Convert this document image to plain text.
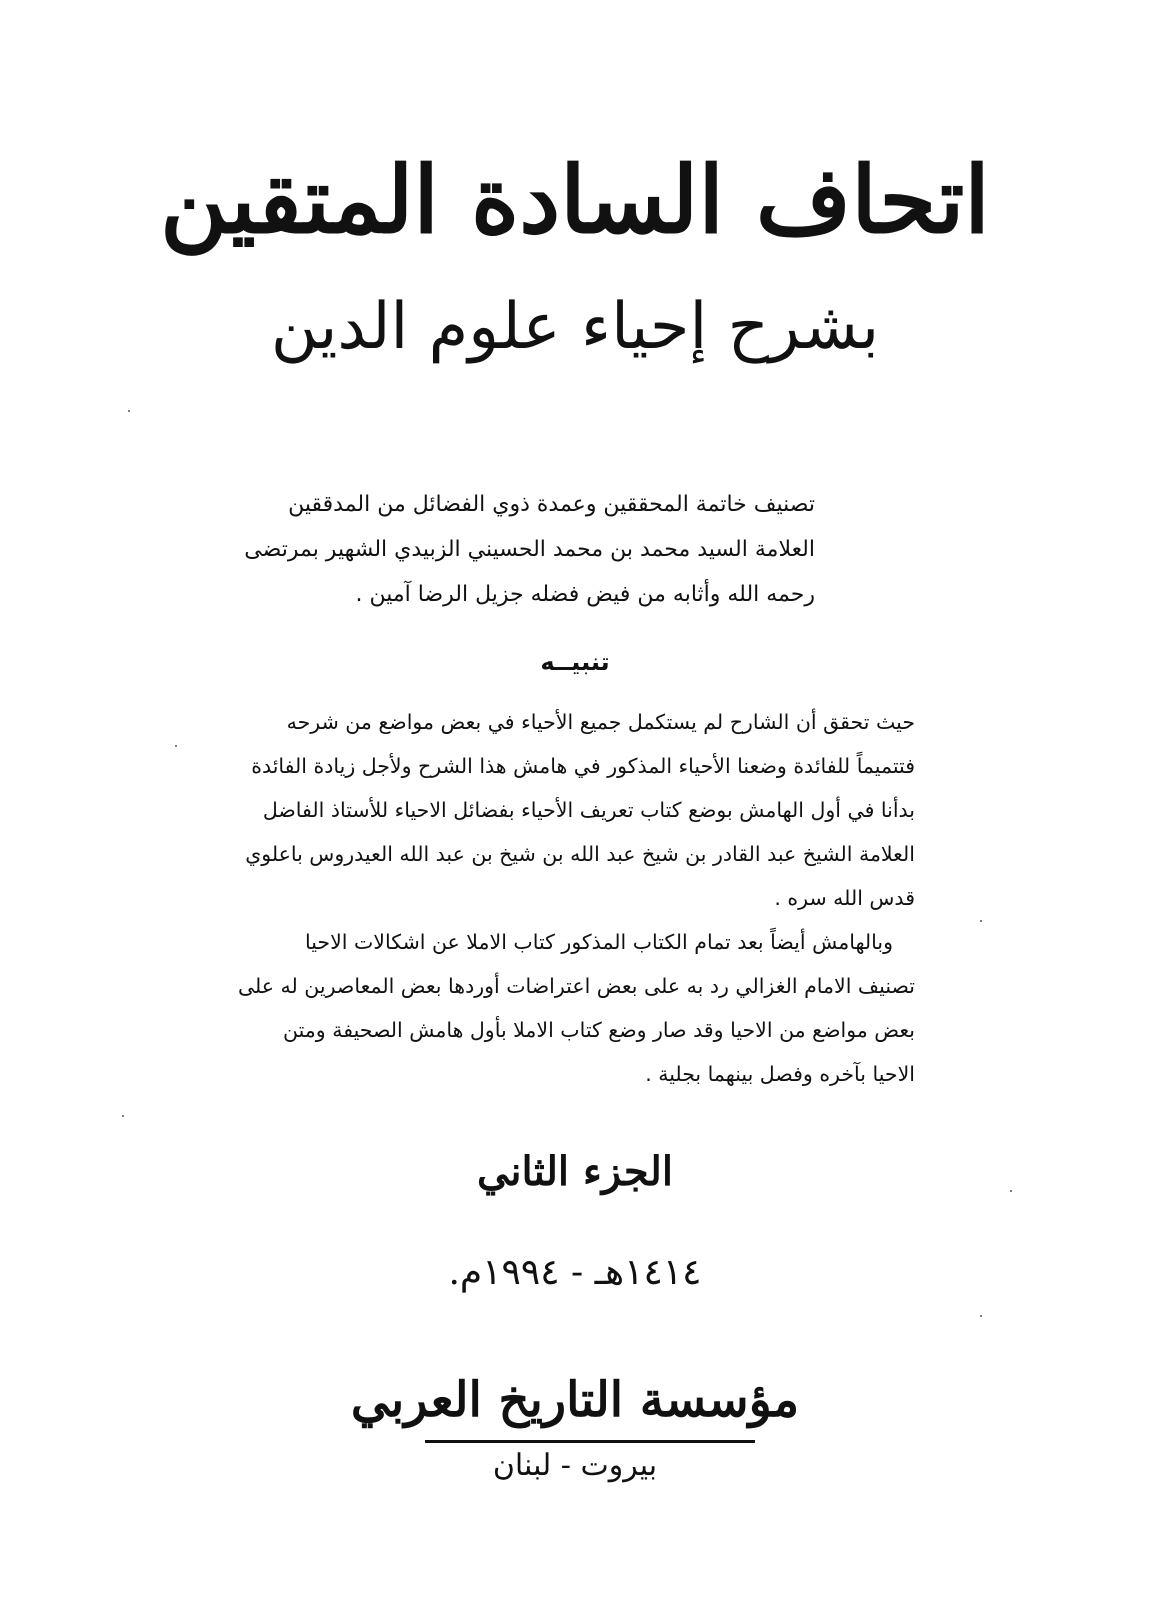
اتحاف السادة المتقين
بشرح إحياء علوم الدين
تصنيف خاتمة المحققين وعمدة ذوي الفضائل من المدققين
العلامة السيد محمد بن محمد الحسيني الزبيدي الشهير بمرتضى
رحمه الله وأثابه من فيض فضله جزيل الرضا آمين .
تنبيــه
حيث تحقق أن الشارح لم يستكمل جميع الأحياء في بعض مواضع من شرحه
فتتميماً للفائدة وضعنا الأحياء المذكور في هامش هذا الشرح ولأجل زيادة الفائدة
بدأنا في أول الهامش بوضع كتاب تعريف الأحياء بفضائل الاحياء للأستاذ الفاضل
العلامة الشيخ عبد القادر بن شيخ عبد الله بن شيخ بن عبد الله العيدروس باعلوي
قدس الله سره .
وبالهامش أيضاً بعد تمام الكتاب المذكور كتاب الاملا عن اشكالات الاحيا
تصنيف الامام الغزالي رد به على بعض اعتراضات أوردها بعض المعاصرين له على
بعض مواضع من الاحيا وقد صار وضع كتاب الاملا بأول هامش الصحيفة ومتن
الاحيا بآخره وفصل بينهما بجلية .
الجزء الثاني
١٤١٤هـ - ١٩٩٤م.
مؤسسة التاريخ العربي
بيروت - لبنان
